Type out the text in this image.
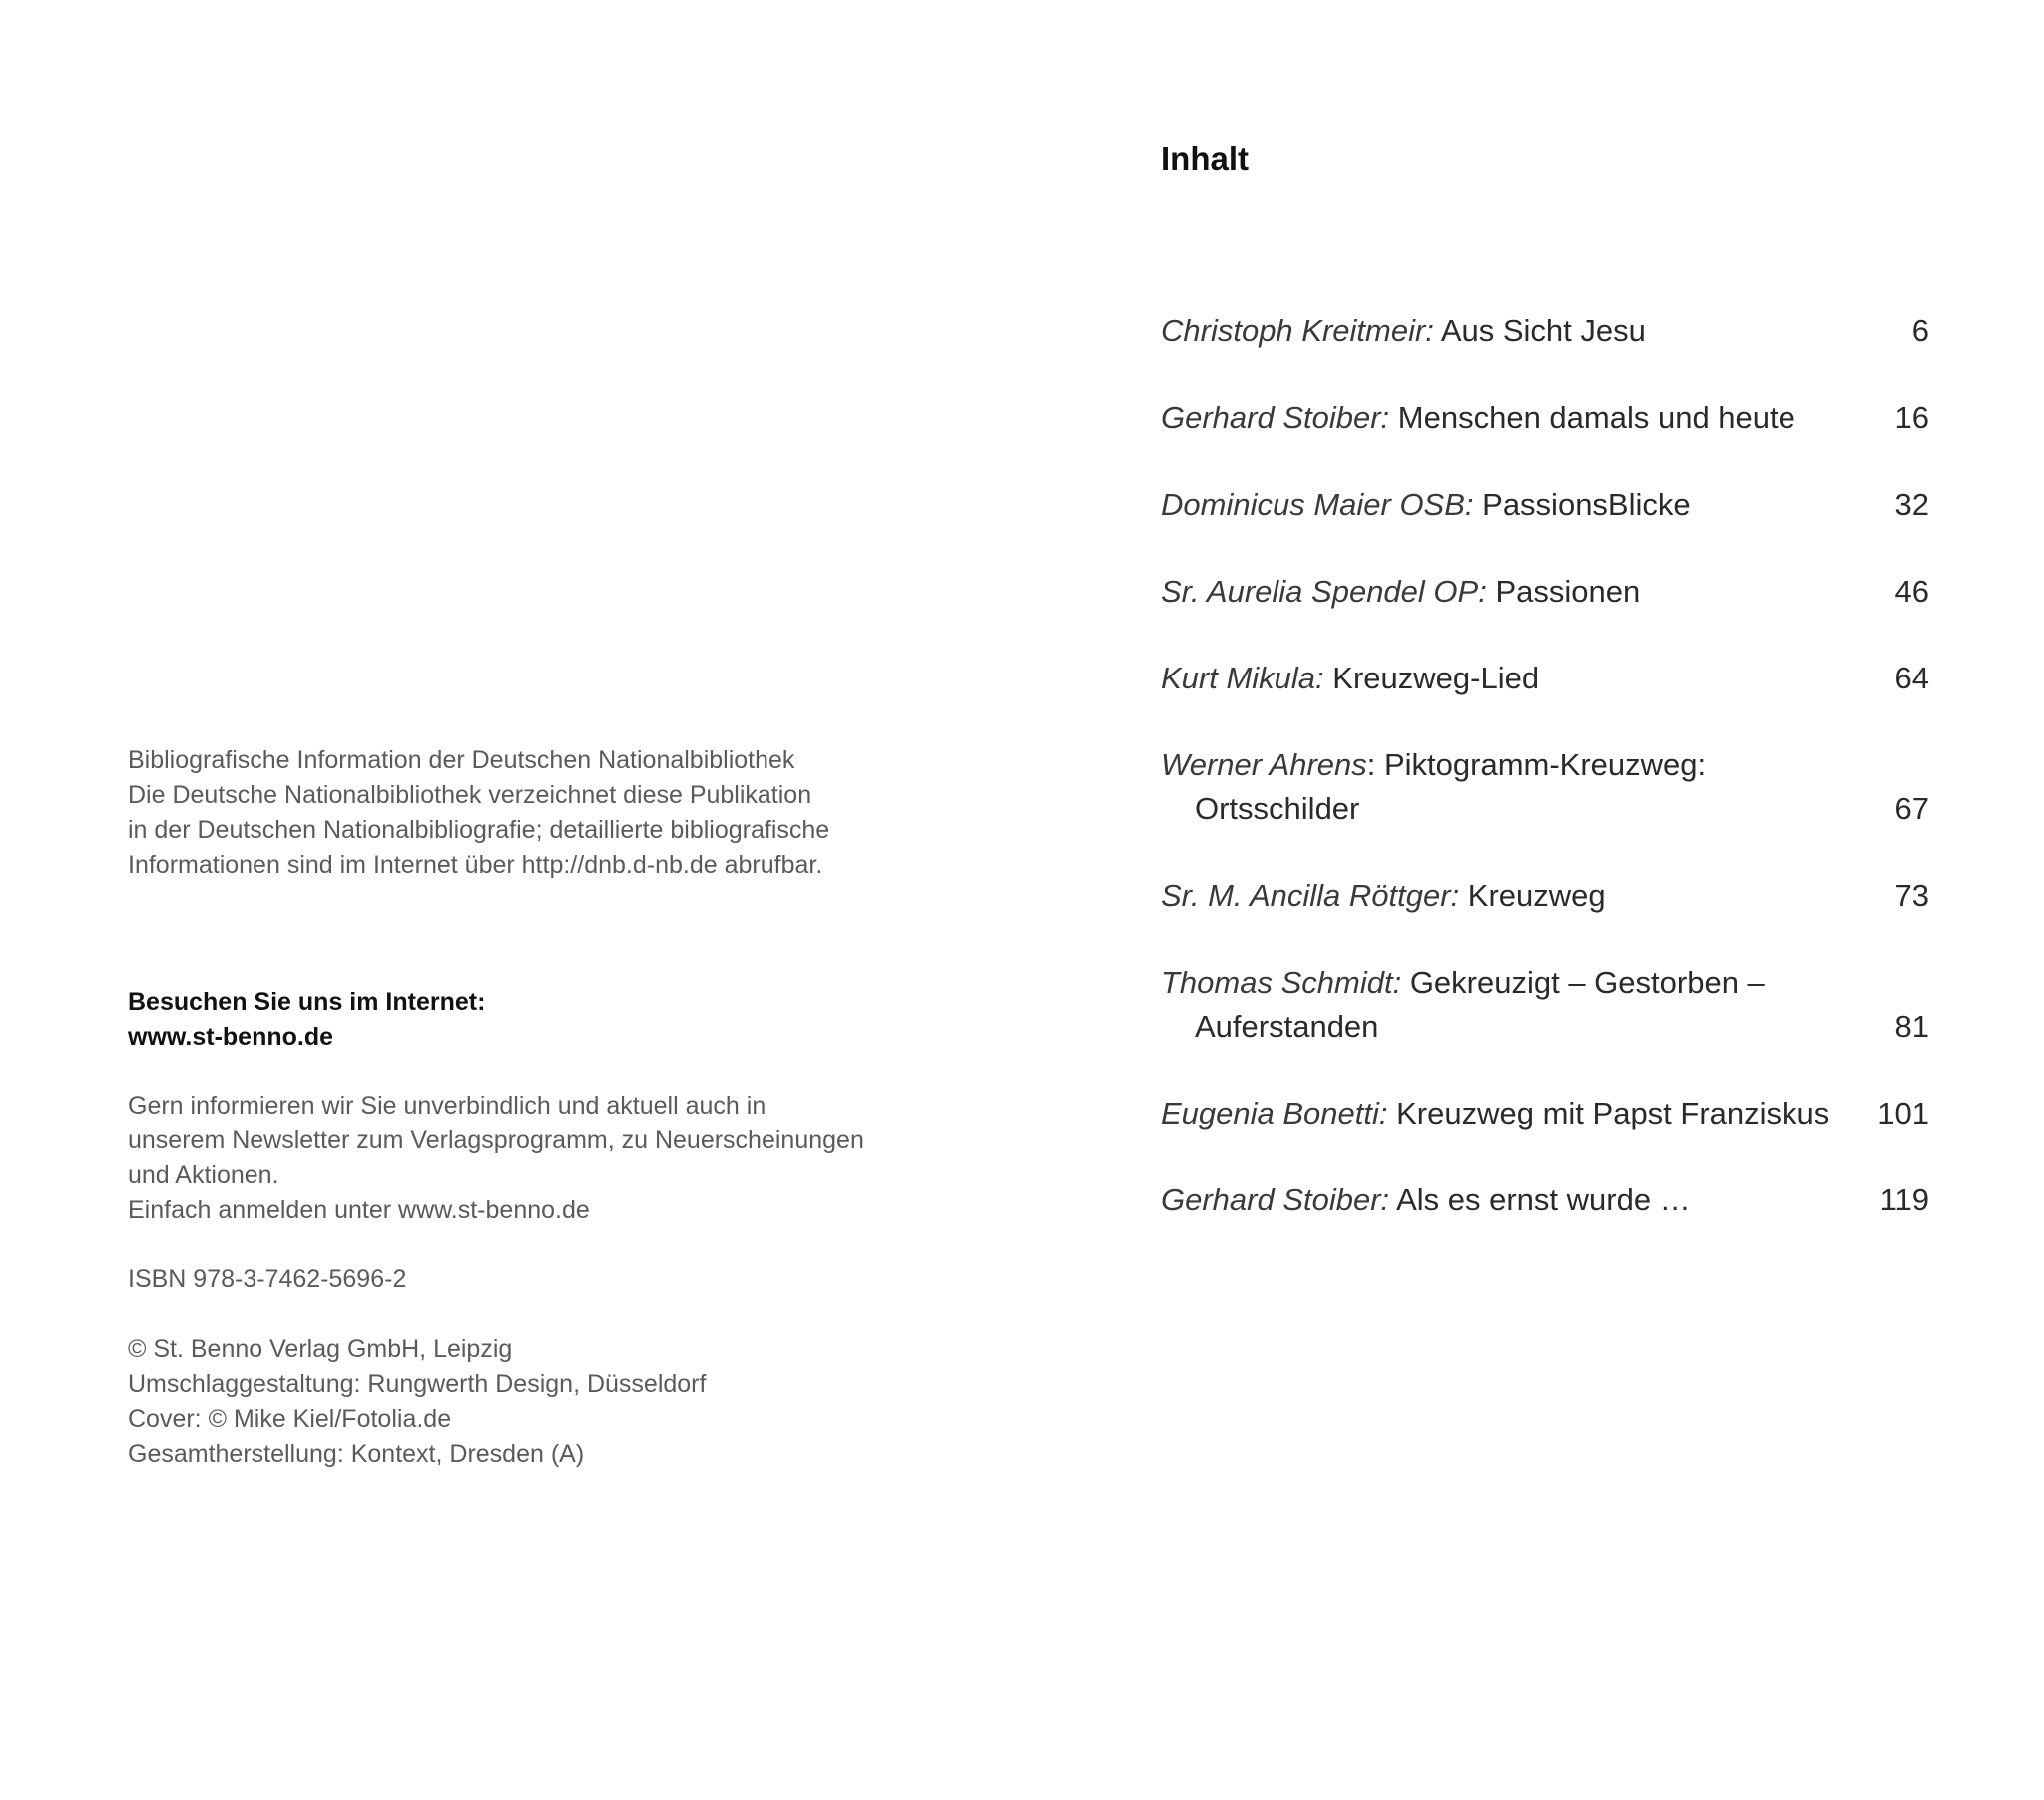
Bibliografische Information der Deutschen Nationalbibliothek
Die Deutsche Nationalbibliothek verzeichnet diese Publikation
in der Deutschen Nationalbibliografie; detaillierte bibliografische
Informationen sind im Internet über http://dnb.d-nb.de abrufbar.
Besuchen Sie uns im Internet:
www.st-benno.de
Gern informieren wir Sie unverbindlich und aktuell auch in
unserem Newsletter zum Verlagsprogramm, zu Neuerscheinungen
und Aktionen.
Einfach anmelden unter www.st-benno.de
ISBN 978-3-7462-5696-2
© St. Benno Verlag GmbH, Leipzig
Umschlaggestaltung: Rungwerth Design, Düsseldorf
Cover: © Mike Kiel/Fotolia.de
Gesamtherstellung: Kontext, Dresden (A)
Inhalt
Christoph Kreitmeir: Aus Sicht Jesu	6
Gerhard Stoiber: Menschen damals und heute	16
Dominicus Maier OSB: PassionsBlicke	32
Sr. Aurelia Spendel OP: Passionen	46
Kurt Mikula: Kreuzweg-Lied	64
Werner Ahrens: Piktogramm-Kreuzweg:
Ortsschilder	67
Sr. M. Ancilla Röttger: Kreuzweg	73
Thomas Schmidt: Gekreuzigt – Gestorben –
Auferstanden	81
Eugenia Bonetti: Kreuzweg mit Papst Franziskus 101
Gerhard Stoiber: Als es ernst wurde …	119
